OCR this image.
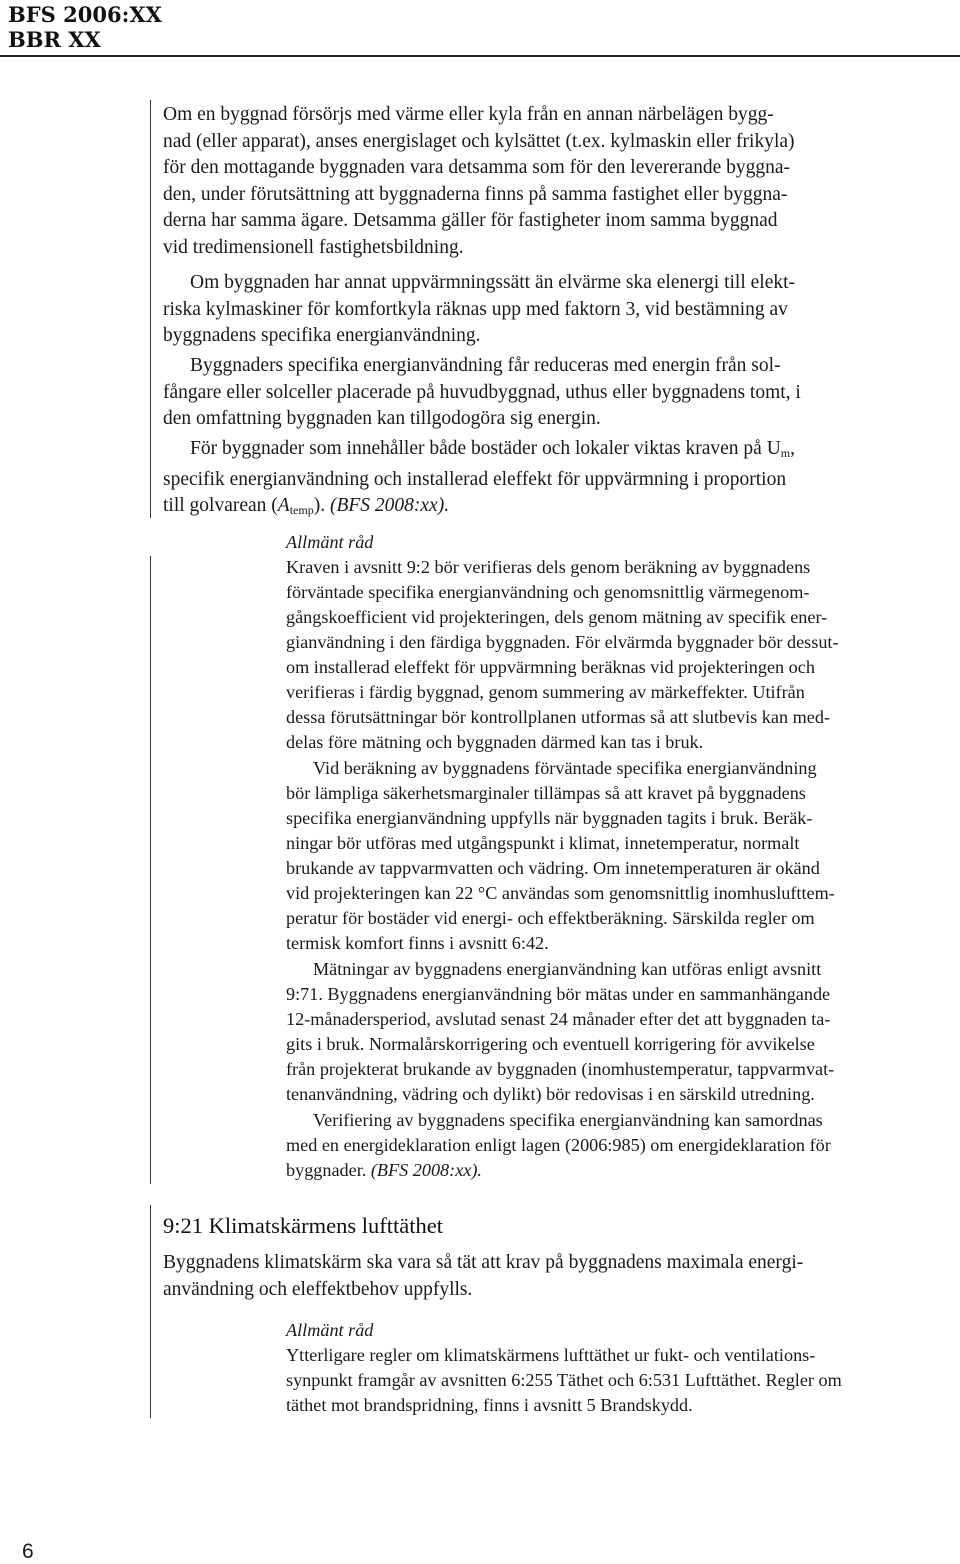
BFS 2006:XX
BBR XX
Om en byggnad försörjs med värme eller kyla från en annan närbelägen bygg-
nad (eller apparat), anses energislaget och kylsättet (t.ex. kylmaskin eller frikyla)
för den mottagande byggnaden vara detsamma som för den levererande byggna-
den, under förutsättning att byggnaderna finns på samma fastighet eller byggna-
derna har samma ägare. Detsamma gäller för fastigheter inom samma byggnad
vid tredimensionell fastighetsbildning.
Om byggnaden har annat uppvärmningssätt än elvärme ska elenergi till elekt-
riska kylmaskiner för komfortkyla räknas upp med faktorn 3, vid bestämning av
byggnadens specifika energianvändning.
Byggnaders specifika energianvändning får reduceras med energin från sol-
fångare eller solceller placerade på huvudbyggnad, uthus eller byggnadens tomt, i
den omfattning byggnaden kan tillgodogöra sig energin.
För byggnader som innehåller både bostäder och lokaler viktas kraven på $U_m$,
specifik energianvändning och installerad eleffekt för uppvärmning i proportion
till golvarean $(A_{temp})$. (BFS 2008:xx).
Allmänt råd
Kraven i avsnitt 9:2 bör verifieras dels genom beräkning av byggnadens
förväntade specifika energianvändning och genomsnittlig värmegenom-
gångskoefficient vid projekteringen, dels genom mätning av specifik ener-
gianvändning i den färdiga byggnaden. För elvärmda byggnader bör dessut-
om installerad eleffekt för uppvärmning beräknas vid projekteringen och
verifieras i färdig byggnad, genom summering av märkeffekter. Utifrån
dessa förutsättningar bör kontrollplanen utformas så att slutbevis kan med-
delas före mätning och byggnaden därmed kan tas i bruk.
Vid beräkning av byggnadens förväntade specifika energianvändning
bör lämpliga säkerhetsmarginaler tillämpas så att kravet på byggnadens
specifika energianvändning uppfylls när byggnaden tagits i bruk. Beräk-
ningar bör utföras med utgångspunkt i klimat, innetemperatur, normalt
brukande av tappvarmvatten och vädring. Om innetemperaturen är okänd
vid projekteringen kan 22 °C användas som genomsnittlig inomhuslufttem-
peratur för bostäder vid energi- och effektberäkning. Särskilda regler om
termisk komfort finns i avsnitt 6:42.
Mätningar av byggnadens energianvändning kan utföras enligt avsnitt
9:71. Byggnadens energianvändning bör mätas under en sammanhängande
12-månadersperiod, avslutad senast 24 månader efter det att byggnaden ta-
gits i bruk. Normalårskorrigering och eventuell korrigering för avvikelse
från projekterat brukande av byggnaden (inomhustemperatur, tappvarmvat-
tenanvändning, vädring och dylikt) bör redovisas i en särskild utredning.
Verifiering av byggnadens specifika energianvändning kan samordnas
med en energideklaration enligt lagen (2006:985) om energideklaration för
byggnader. (BFS 2008:xx).
9:21 Klimatskärmens lufttäthet
Byggnadens klimatskärm ska vara så tät att krav på byggnadens maximala energi-
användning och eleffektbehov uppfylls.
Allmänt råd
Ytterligare regler om klimatskärmens lufttäthet ur fukt- och ventilations-
synpunkt framgår av avsnitten 6:255 Täthet och 6:531 Lufttäthet. Regler om
täthet mot brandspridning, finns i avsnitt 5 Brandskydd.
6
